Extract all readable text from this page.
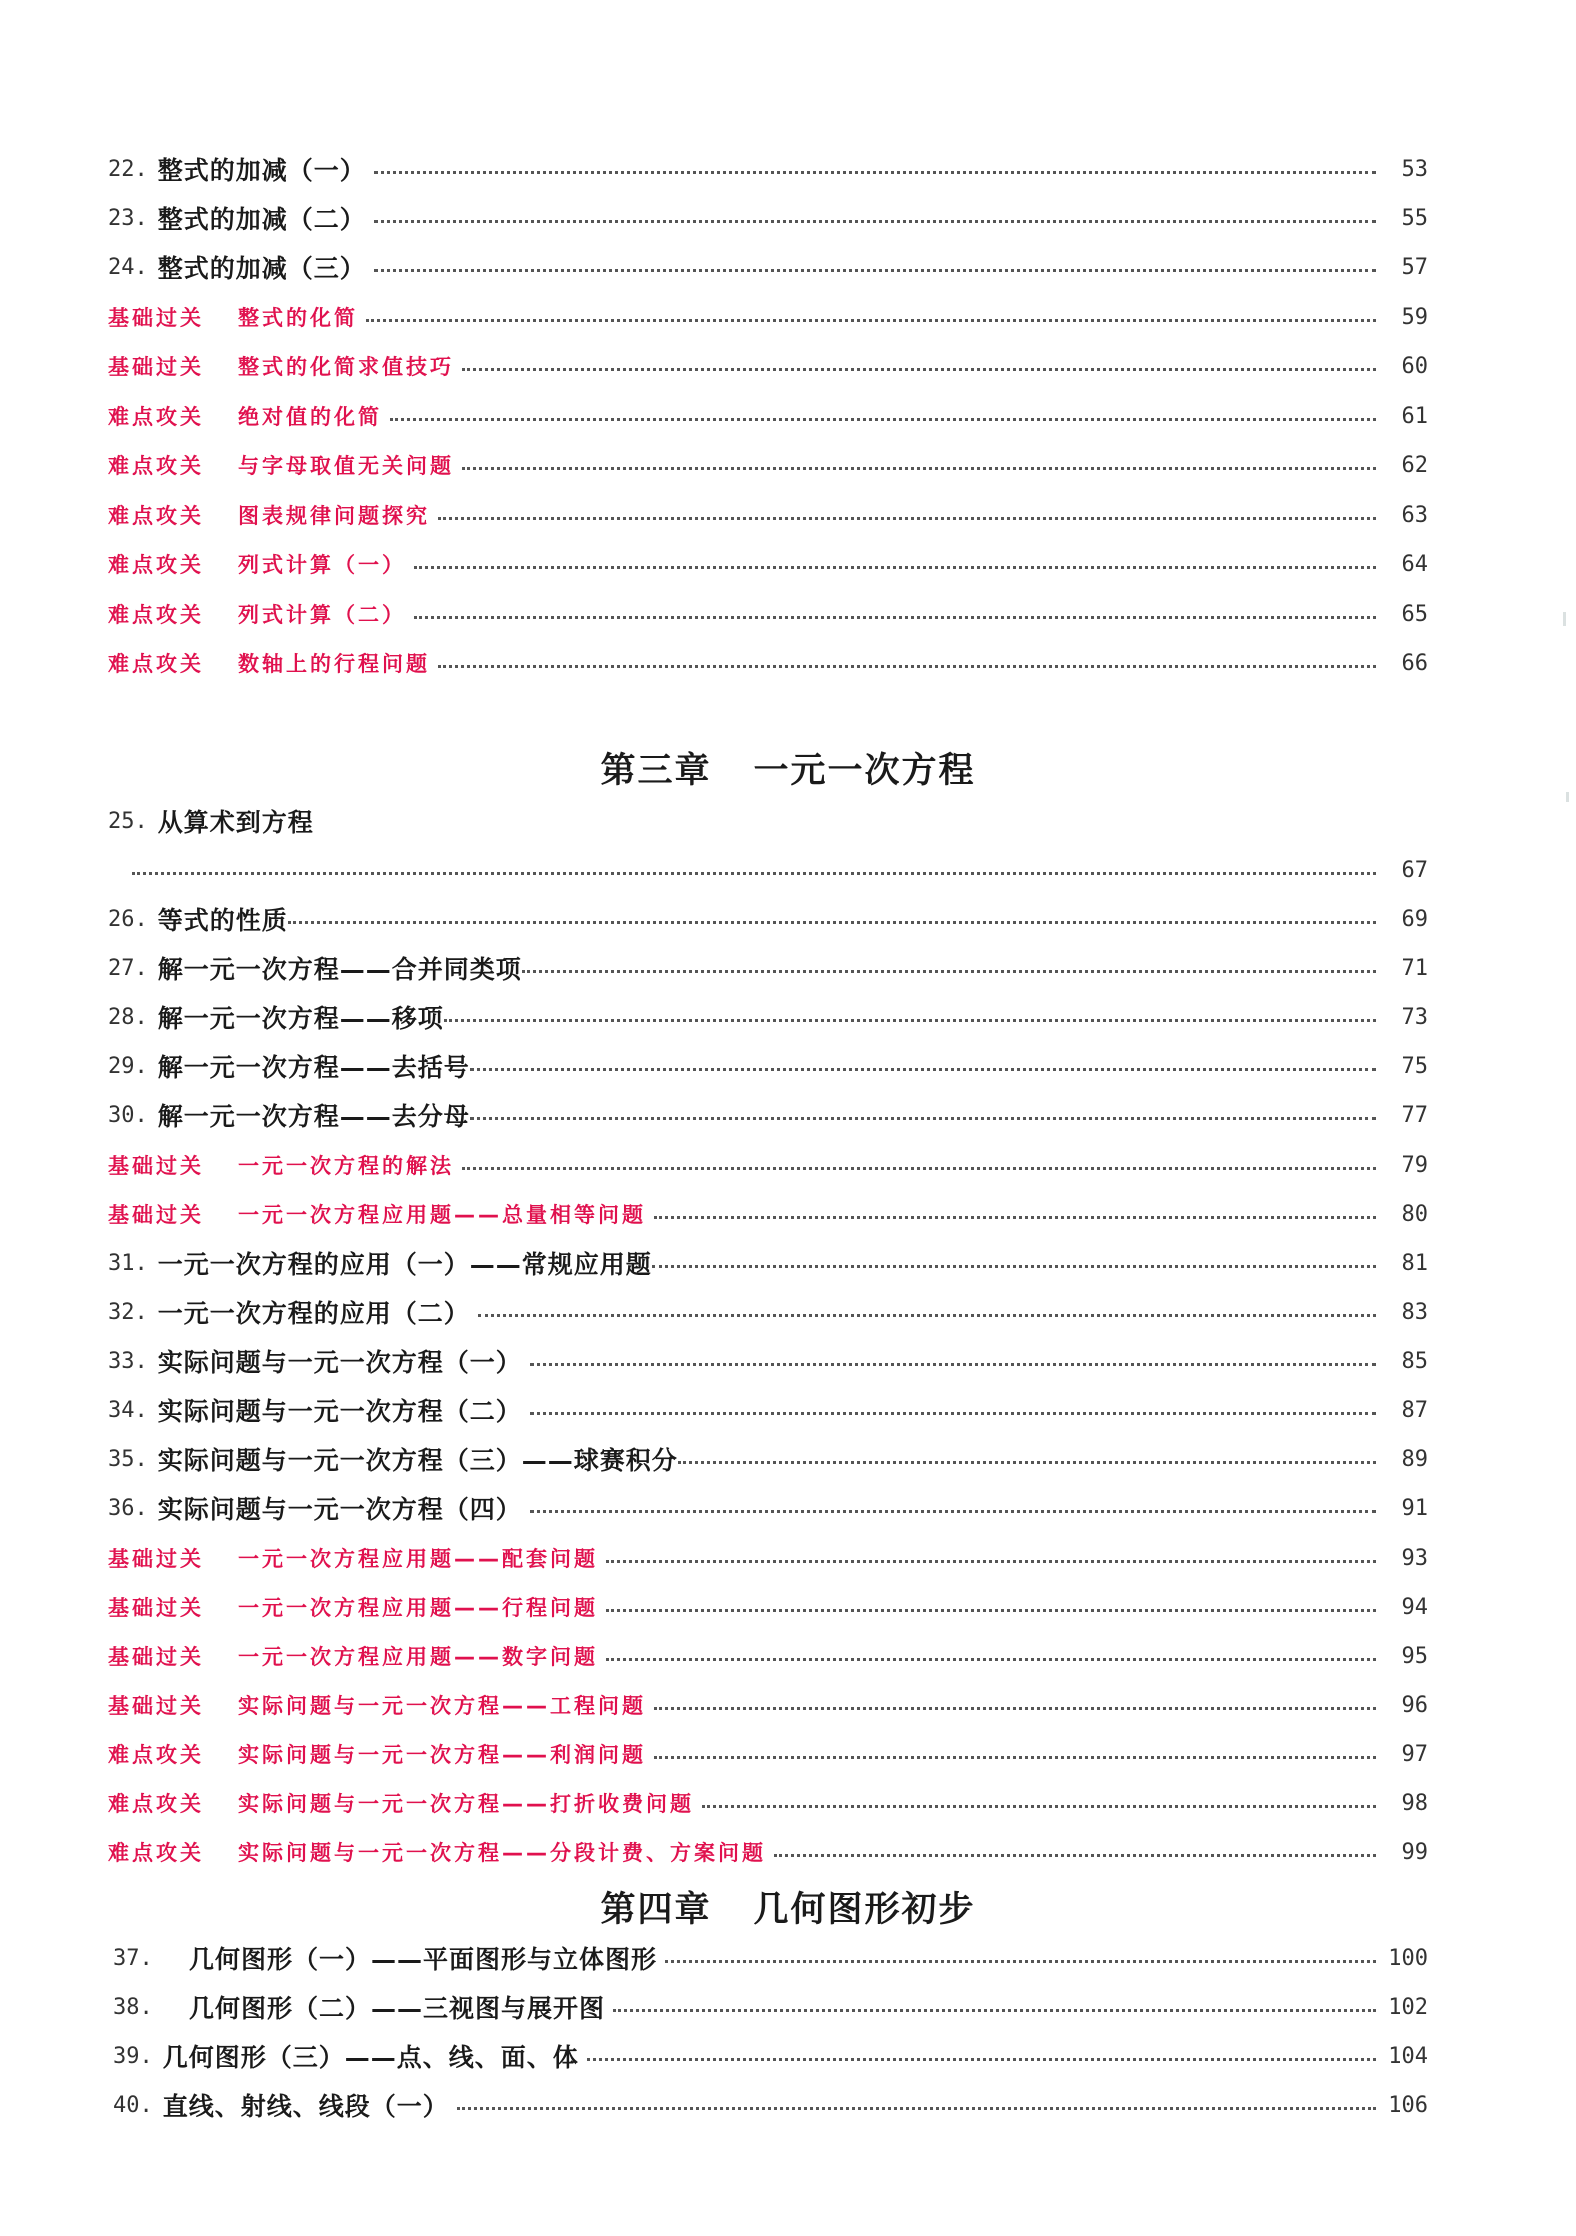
22. 整式的加减（一）	53
23. 整式的加减（二）	55
24. 整式的加减（三）	57
基础过关 整式的化简	59
基础过关 整式的化简求值技巧	60
难点攻关 绝对值的化简	61
难点攻关 与字母取值无关问题	62
难点攻关 图表规律问题探究	63
难点攻关 列式计算（一）	64
难点攻关 列式计算（二）	65
难点攻关 数轴上的行程问题	66
第三章 一元一次方程
25. 从算术到方程
67
26. 等式的性质	69
27. 解一元一次方程——合并同类项	71
28. 解一元一次方程——移项	73
29. 解一元一次方程——去括号	75
30. 解一元一次方程——去分母	77
基础过关 一元一次方程的解法	79
基础过关 一元一次方程应用题——总量相等问题	80
31. 一元一次方程的应用（一）——常规应用题	81
32. 一元一次方程的应用（二）	83
33. 实际问题与一元一次方程（一）	85
34. 实际问题与一元一次方程（二）	87
35. 实际问题与一元一次方程（三）——球赛积分	89
36. 实际问题与一元一次方程（四）	91
基础过关 一元一次方程应用题——配套问题	93
基础过关 一元一次方程应用题——行程问题	94
基础过关 一元一次方程应用题——数字问题	95
基础过关 实际问题与一元一次方程——工程问题	96
难点攻关 实际问题与一元一次方程——利润问题	97
难点攻关 实际问题与一元一次方程——打折收费问题	98
难点攻关 实际问题与一元一次方程——分段计费、方案问题	99
第四章 几何图形初步
37.	几何图形（一）——平面图形与立体图形	100
38.	几何图形（二）——三视图与展开图	102
39. 几何图形（三）——点、线、面、体	104
40. 直线、射线、线段（一）	106
